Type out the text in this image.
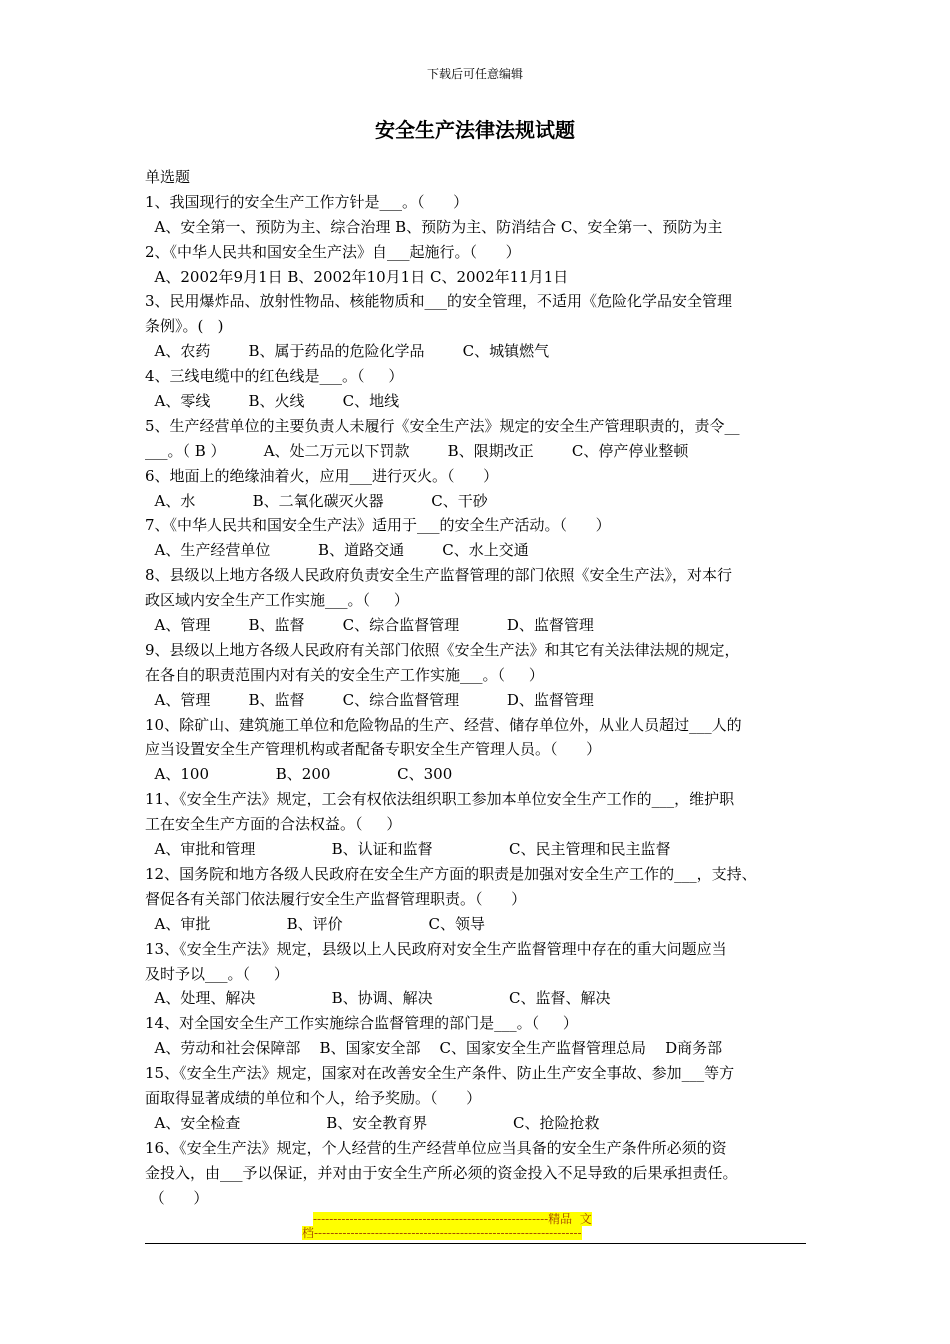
下载后可任意编辑
安全生产法律法规试题
单选题
1、我国现行的安全生产工作方针是___。（      ）
A、安全第一、预防为主、综合治理 B、预防为主、防消结合 C、安全第一、预防为主
2、《中华人民共和国安全生产法》自___起施行。（      ）
A、2002年9月1日 B、2002年10月1日 C、2002年11月1日
3、民用爆炸品、放射性物品、核能物质和___的安全管理，不适用《危险化学品安全管理
条例》。(   )
A、农药        B、属于药品的危险化学品        C、城镇燃气
4、三线电缆中的红色线是___。（     ）
A、零线        B、火线        C、地线
5、生产经营单位的主要负责人未履行《安全生产法》规定的安全生产管理职责的，责令__
___。（ B ）        A、处二万元以下罚款        B、限期改正        C、停产停业整顿
6、地面上的绝缘油着火，应用___进行灭火。（      ）
A、水            B、二氧化碳灭火器          C、干砂
7、《中华人民共和国安全生产法》适用于___的安全生产活动。（      ）
A、生产经营单位          B、道路交通        C、水上交通
8、县级以上地方各级人民政府负责安全生产监督管理的部门依照《安全生产法》，对本行
政区域内安全生产工作实施___。（     ）
A、管理        B、监督        C、综合监督管理          D、监督管理
9、县级以上地方各级人民政府有关部门依照《安全生产法》和其它有关法律法规的规定，
在各自的职责范围内对有关的安全生产工作实施___。（     ）
A、管理        B、监督        C、综合监督管理          D、监督管理
10、除矿山、建筑施工单位和危险物品的生产、经营、储存单位外，从业人员超过___人的
应当设置安全生产管理机构或者配备专职安全生产管理人员。（      ）
A、100              B、200              C、300
11、《安全生产法》规定，工会有权依法组织职工参加本单位安全生产工作的___，维护职
工在安全生产方面的合法权益。（     ）
A、审批和管理                B、认证和监督                C、民主管理和民主监督
12、国务院和地方各级人民政府在安全生产方面的职责是加强对安全生产工作的___，支持、
督促各有关部门依法履行安全生产监督管理职责。（      ）
A、审批                B、评价                  C、领导
13、《安全生产法》规定，县级以上人民政府对安全生产监督管理中存在的重大问题应当
及时予以___。（     ）
A、处理、解决                B、协调、解决                C、监督、解决
14、对全国安全生产工作实施综合监督管理的部门是___。（     ）
A、劳动和社会保障部    B、国家安全部    C、国家安全生产监督管理总局    D商务部
15、《安全生产法》规定，国家对在改善安全生产条件、防止生产安全事故、参加___等方
面取得显著成绩的单位和个人，给予奖励。（      ）
A、安全检查                  B、安全教育界                  C、抢险抢救
16、《安全生产法》规定，个人经营的生产经营单位应当具备的安全生产条件所必须的资
金投入，由___予以保证，并对由于安全生产所必须的资金投入不足导致的后果承担责任。
（      ）
----------------------------------------------------------精品  文
档------------------------------------------------------------------
